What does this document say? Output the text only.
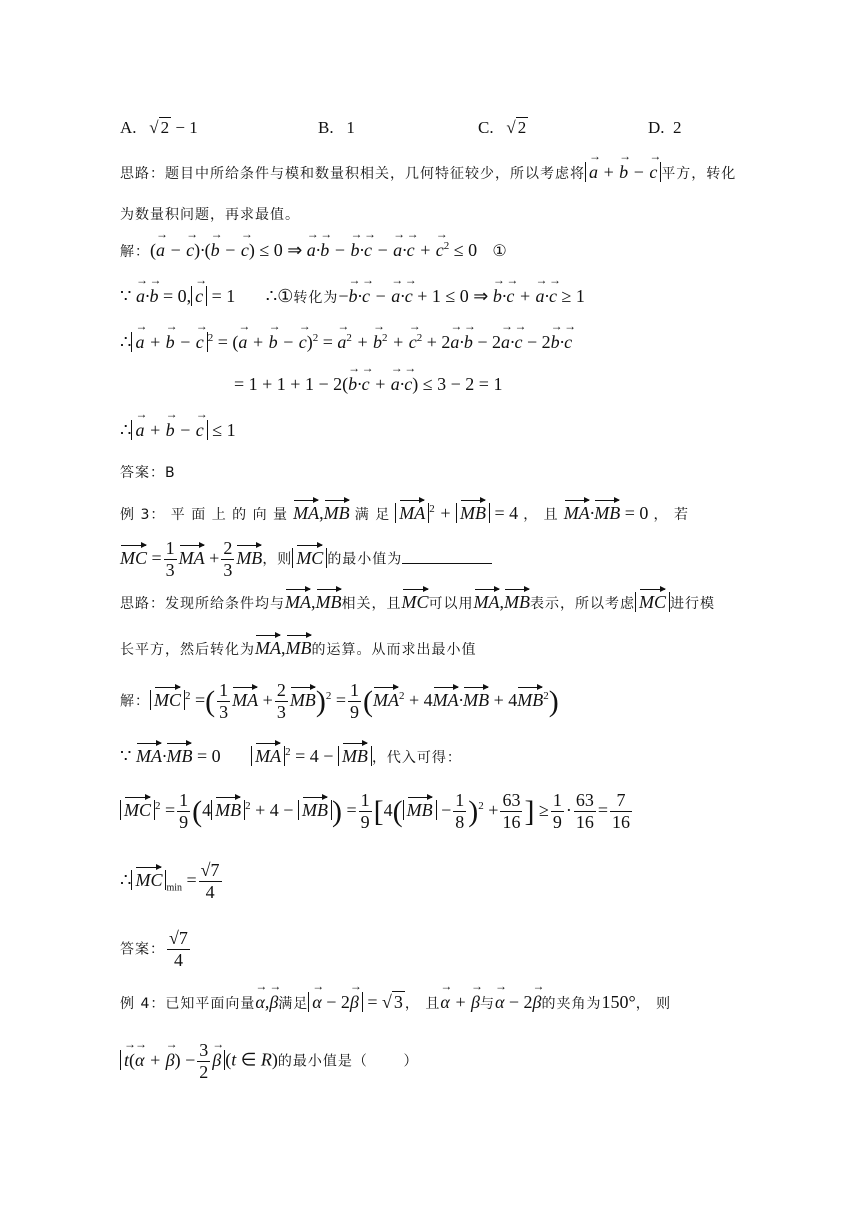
A. √ 2 − 1	B. 1	C. √ 2	D. 2
思路：题目中所给条件与模和数量积相关，几何特征较少，所以考虑将→ a + → b − → c 平方，转化
为数量积问题，再求最值。
解：(→ a − → c)·(→ b − → c) ≤ 0 ⇒ → a·→ b − → b·→ c − → a·→ c + → $c^2 \le 0$ ①
∵ → a·→ b = 0,→ c = 1 ∴①转化为−→ b·→ c − → a·→ c + 1 ≤ 0 ⇒ → b·→ c + → a·→ c ≥ 1
∴→ a + → b − → c $^2$ = (→ a + → b − → c)$^2$ = → $a^2$ + → $b^2$ + → $c^2 + 2\to a\cdot\to b - 2\to a\cdot\to c - 2\to b\cdot\to c$
= 1 + 1 + 1 − 2(→ b·→ c + → a·→ c) ≤ 3 − 2 = 1
∴→ a + → b − → c ≤ 1
答案：B
例 3： 平 面 上 的 向 量 MA,MB 满 足 MA $^2$ + MB = 4 ， 且 MA·MB = 0 ， 若
MC = $\frac{1}{3}$ MA + $\frac{2}{3}$ MB，则 MC 的最小值为
思路：发现所给条件均与MA,MB相关，且MC可以用MA,MB表示，所以考虑 MC 进行模
长平方，然后转化为MA,MB的运算。从而求出最小值
解： MC $^2$ =( $\frac{1}{3}$ MA + $\frac{2}{3} MB)^2 = \frac{1}{9} (MA^2 + 4MA\cdot MB + 4MB^2)$
∵ MA·MB = 0 MA $^2$ = 4 − MB ，代入可得：
MC $^2 = \frac{1}{9} (4$ MB $^2$ + 4 − MB ) = $\frac{1}{9} [4$( MB − $\frac{1}{8} )^2 + \frac{63}{16}$ ] ≥ $\frac{1}{9} \cdot \frac{63}{16} = \frac{7}{16}$
∴ MC $_{min} = \frac{√7}{4}$
答案： $\frac{√7}{4}$
例 4：已知平面向量→ α,→ β满足→ α − 2→ β = √ 3 ， 且→ α + → β与→ α − 2→ β的夹角为150°， 则
→ t(→ α + → $\beta) - \frac{3}{2}$
→ β (t ∈ R)的最小值是（	）
